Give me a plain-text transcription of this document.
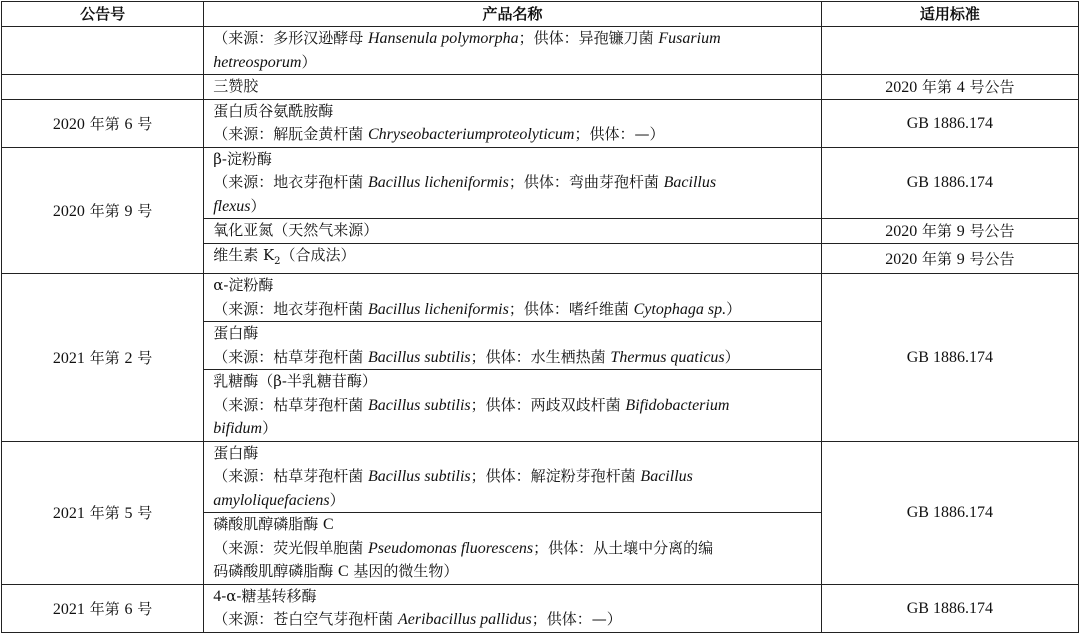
公告号	产品名称	适用标准

	（来源：多形汉逊酵母 Hansenula polymorpha；供体：异孢镰刀菌 Fusarium
hetreosporum）	

	三赞胶	2020 年第 4 号公告
2020 年第 6 号	蛋白质谷氨酰胺酶
（来源：解朊金黄杆菌 Chryseobacteriumproteolyticum；供体：—）	GB 1886.174
2020 年第 9 号	β-淀粉酶
（来源：地衣芽孢杆菌 Bacillus licheniformis；供体：弯曲芽孢杆菌 Bacillus
flexus）	GB 1886.174

	氧化亚氮（天然气来源）	2020 年第 9 号公告

	维生素 $K_2$（合成法）	2020 年第 9 号公告
2021 年第 2 号	α-淀粉酶
（来源：地衣芽孢杆菌 Bacillus licheniformis；供体：嗜纤维菌 Cytophaga sp.）	GB 1886.174

	蛋白酶
（来源：枯草芽孢杆菌 Bacillus subtilis；供体：水生栖热菌 Thermus quaticus）	

	乳糖酶（β-半乳糖苷酶）
（来源：枯草芽孢杆菌 Bacillus subtilis；供体：两歧双歧杆菌 Bifidobacterium
bifidum）	

2021 年第 5 号	蛋白酶
（来源：枯草芽孢杆菌 Bacillus subtilis；供体：解淀粉芽孢杆菌 Bacillus
amyloliquefaciens）	GB 1886.174

	磷酸肌醇磷脂酶 C
（来源：荧光假单胞菌 Pseudomonas fluorescens；供体：从土壤中分离的编
码磷酸肌醇磷脂酶 C 基因的微生物）	

2021 年第 6 号	4-α-糖基转移酶
（来源：苍白空气芽孢杆菌 Aeribacillus pallidus；供体：—）	GB 1886.174
